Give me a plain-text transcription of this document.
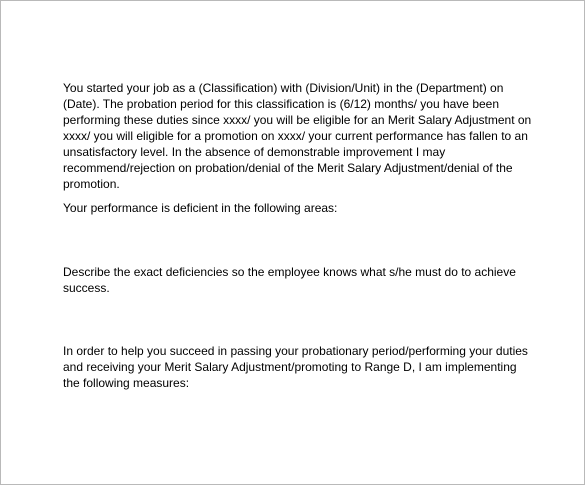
You started your job as a (Classification) with (Division/Unit) in the (Department) on (Date). The probation period for this classification is (6/12) months/ you have been performing these duties since xxxx/ you will be eligible for an Merit Salary Adjustment on xxxx/ you will eligible for a promotion on xxxx/ your current performance has fallen to an unsatisfactory level. In the absence of demonstrable improvement I may recommend/rejection on probation/denial of the Merit Salary Adjustment/denial of the promotion.

Your performance is deficient in the following areas:

Describe the exact deficiencies so the employee knows what s/he must do to achieve success.

In order to help you succeed in passing your probationary period/performing your duties and receiving your Merit Salary Adjustment/promoting to Range D, I am implementing the following measures:
